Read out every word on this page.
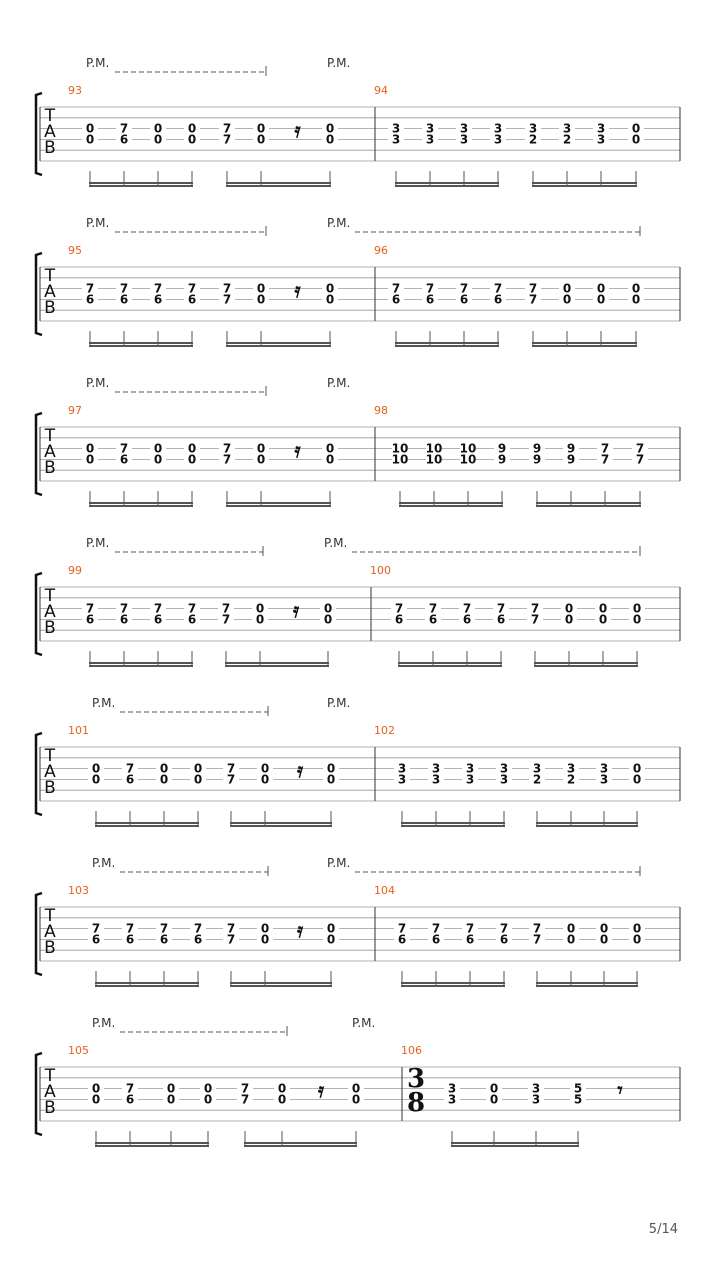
T
A
B
93
P.M.
0
0
7
6
0
0
0
0
7
7
0
0
0
0
𝄿
94
P.M.
3
3
3
3
3
3
3
3
3
2
3
2
3
3
0
0
T
A
B
95
P.M.
7
6
7
6
7
6
7
6
7
7
0
0
0
0
𝄿
96
P.M.
7
6
7
6
7
6
7
6
7
7
0
0
0
0
0
0
T
A
B
97
P.M.
0
0
7
6
0
0
0
0
7
7
0
0
0
0
𝄿
98
P.M.
10
10
10
10
10
10
9
9
9
9
9
9
7
7
7
7
T
A
B
99
P.M.
7
6
7
6
7
6
7
6
7
7
0
0
0
0
𝄿
100
P.M.
7
6
7
6
7
6
7
6
7
7
0
0
0
0
0
0
T
A
B
101
P.M.
0
0
7
6
0
0
0
0
7
7
0
0
0
0
𝄿
102
P.M.
3
3
3
3
3
3
3
3
3
2
3
2
3
3
0
0
T
A
B
103
P.M.
7
6
7
6
7
6
7
6
7
7
0
0
0
0
𝄿
104
P.M.
7
6
7
6
7
6
7
6
7
7
0
0
0
0
0
0
T
A
B
105
P.M.
0
0
7
6
0
0
0
0
7
7
0
0
0
0
𝄿
106
P.M.
3
8 3
3
0
0
3
3
5
5 𝄾
5/14
